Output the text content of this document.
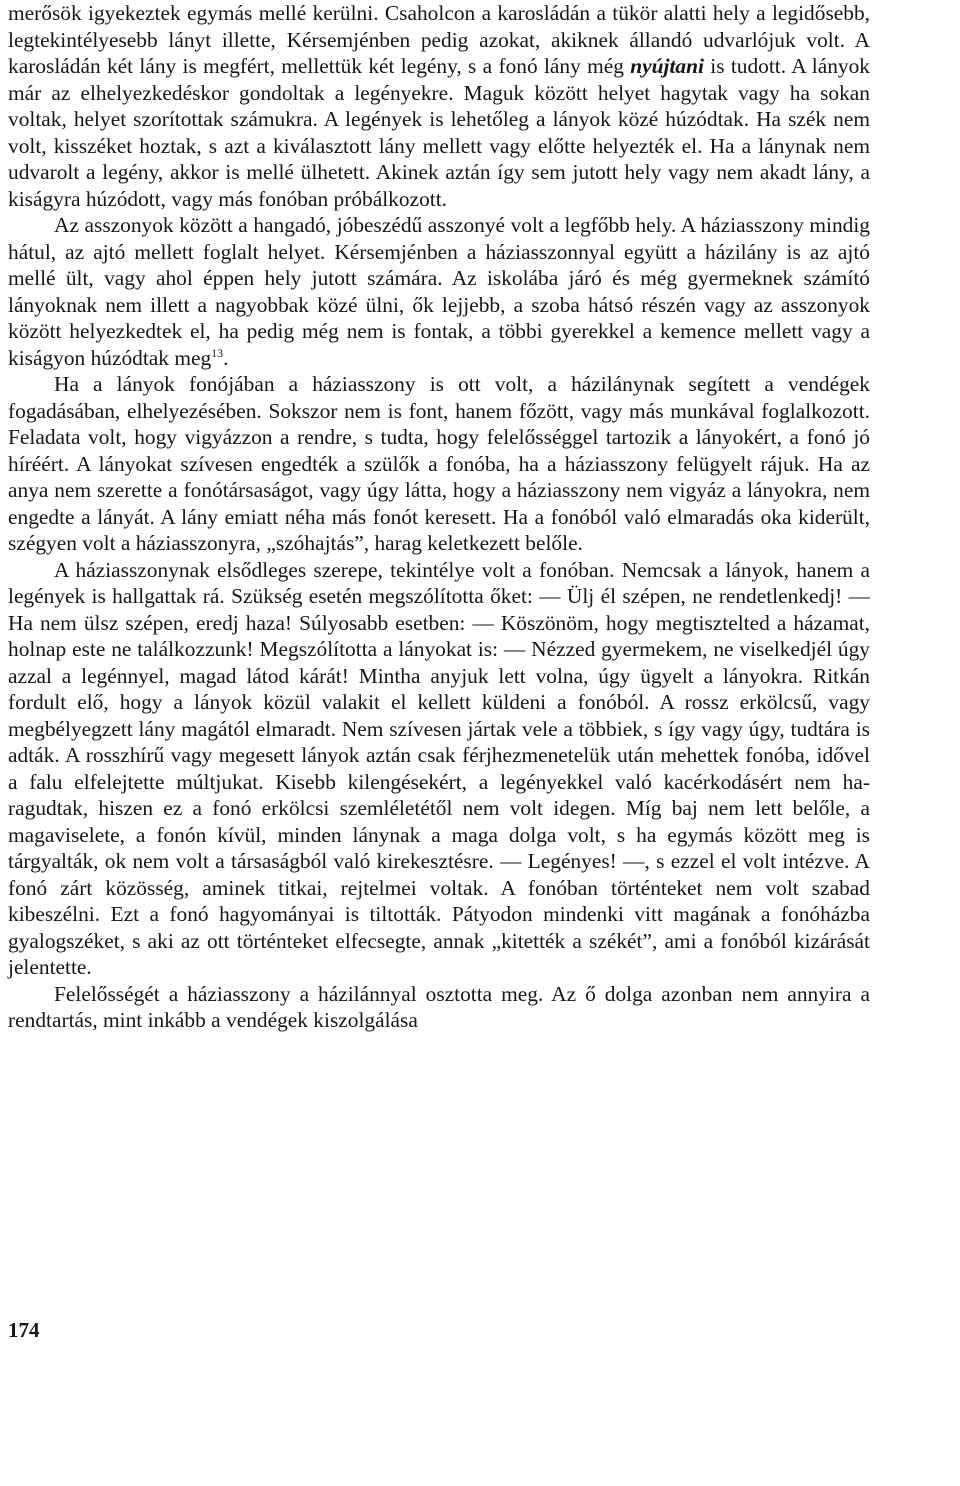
merősök igyekeztek egymás mellé kerülni. Csaholcon a karosládán a tükör alatti hely a legidősebb, legtekintélyesebb lányt illette, Kérsemjénben pedig azokat, akiknek állandó udvarlójuk volt. A karosládán két lány is megfért, mellettük két legény, s a fonó lány még nyújtani is tudott. A lányok már az elhelyezkedéskor gondoltak a legényekre. Maguk között helyet hagytak vagy ha sokan voltak, helyet szorítottak számukra. A legények is lehetőleg a lányok közé húzódtak. Ha szék nem volt, kisszéket hoztak, s azt a kiválasztott lány mellett vagy előtte helyezték el. Ha a lánynak nem udvarolt a legény, akkor is mellé ülhetett. Akinek aztán így sem jutott hely vagy nem akadt lány, a kiságyra húzódott, vagy más fonóban próbálkozott.

Az asszonyok között a hangadó, jóbeszédű asszonyé volt a legfőbb hely. A háziasszony mindig hátul, az ajtó mellett foglalt helyet. Kérsemjénben a háziasszonnyal együtt a házilány is az ajtó mellé ült, vagy ahol éppen hely jutott számára. Az iskolába járó és még gyermeknek számító lányoknak nem illett a nagyobbak közé ülni, ők lejjebb, a szoba hátsó részén vagy az asszonyok között helyezkedtek el, ha pedig még nem is fontak, a többi gyerekkel a kemence mellett vagy a kiságyon húzódtak meg$^{13}$.

Ha a lányok fonójában a háziasszony is ott volt, a házilánynak segített a vendégek fogadásában, elhelyezésében. Sokszor nem is font, hanem főzött, vagy más munkával foglalkozott. Feladata volt, hogy vigyázzon a rendre, s tudta, hogy felelősséggel tartozik a lányokért, a fonó jó híréért. A lányokat szívesen engedték a szülők a fonóba, ha a háziasszony felügyelt rájuk. Ha az anya nem szerette a fonótársaságot, vagy úgy látta, hogy a háziasszony nem vigyáz a lányokra, nem engedte a lányát. A lány emiatt néha más fonót keresett. Ha a fonóból való elmaradás oka kiderült, szégyen volt a háziasszonyra, „szóhajtás”, harag keletkezett belőle.

A háziasszonynak elsődleges szerepe, tekintélye volt a fonóban. Nemcsak a lányok, hanem a legények is hallgattak rá. Szükség esetén megszólította őket: — Ülj él szépen, ne rendetlenkedj! — Ha nem ülsz szépen, eredj haza! Súlyosabb esetben: — Köszönöm, hogy megtisztelted a házamat, holnap este ne találkozzunk! Megszólította a lányokat is: — Nézzed gyermekem, ne viselkedjél úgy azzal a legénnyel, magad látod kárát! Mintha anyjuk lett volna, úgy ügyelt a lányokra. Ritkán fordult elő, hogy a lányok közül valakit el kellett küldeni a fonóból. A rossz erkölcsű, vagy megbélyegzett lány magától elmaradt. Nem szívesen jártak vele a többiek, s így vagy úgy, tudtára is adták. A rosszhírű vagy megesett lányok aztán csak férjhezmenetelük után mehettek fonóba, idővel a falu elfelejtette múltjukat. Kisebb kilengésekért, a legényekkel való kacérkodásért nem haragudtak, hiszen ez a fonó erkölcsi szemléletétől nem volt idegen. Míg baj nem lett belőle, a magaviselete, a fonón kívül, minden lánynak a maga dolga volt, s ha egymás között meg is tárgyalták, ok nem volt a társaságból való kirekesztésre. — Legényes! —, s ezzel el volt intézve. A fonó zárt közösség, aminek titkai, rejtelmei voltak. A fonóban történteket nem volt szabad kibeszélni. Ezt a fonó hagyományai is tiltották. Pátyodon mindenki vitt magának a fonóházba gyalogszéket, s aki az ott történteket elfecsegte, annak „kitették a székét”, ami a fonóból kizárását jelentette.

Felelősségét a háziasszony a házilánnyal osztotta meg. Az ő dolga azonban nem annyira a rendtartás, mint inkább a vendégek kiszolgálása

174
